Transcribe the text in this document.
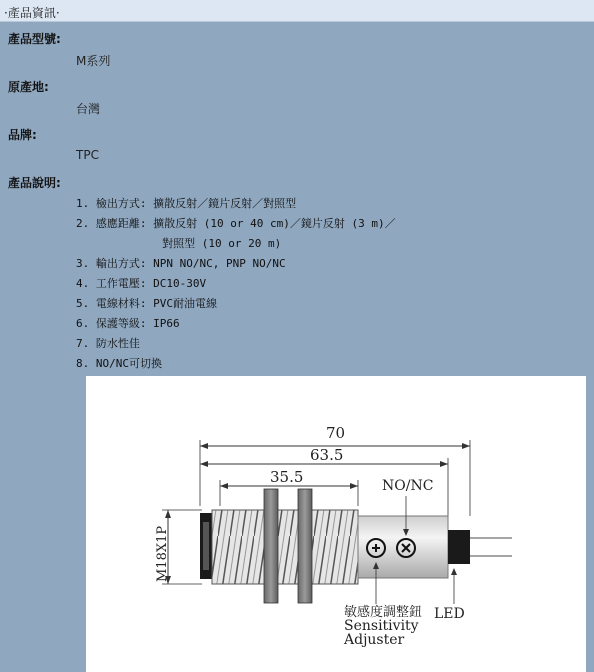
·產品資訊·
產品型號:
M系列
原產地:
台灣
品牌:
TPC
產品說明:
1. 檢出方式: 擴散反射／鏡片反射／對照型
2. 感應距離: 擴散反射 (10 or 40 cm)／鏡片反射 (3 m)／
對照型 (10 or 20 m)
3. 輸出方式: NPN NO/NC, PNP NO/NC
4. 工作電壓: DC10-30V
5. 電線材料: PVC耐油電線
6. 保護等級: IP66
7. 防水性佳
8. NO/NC可切換
70
63.5
35.5
M18X1P
NO/NC
敏感度調整鈕
Sensitivity
Adjuster
LED
